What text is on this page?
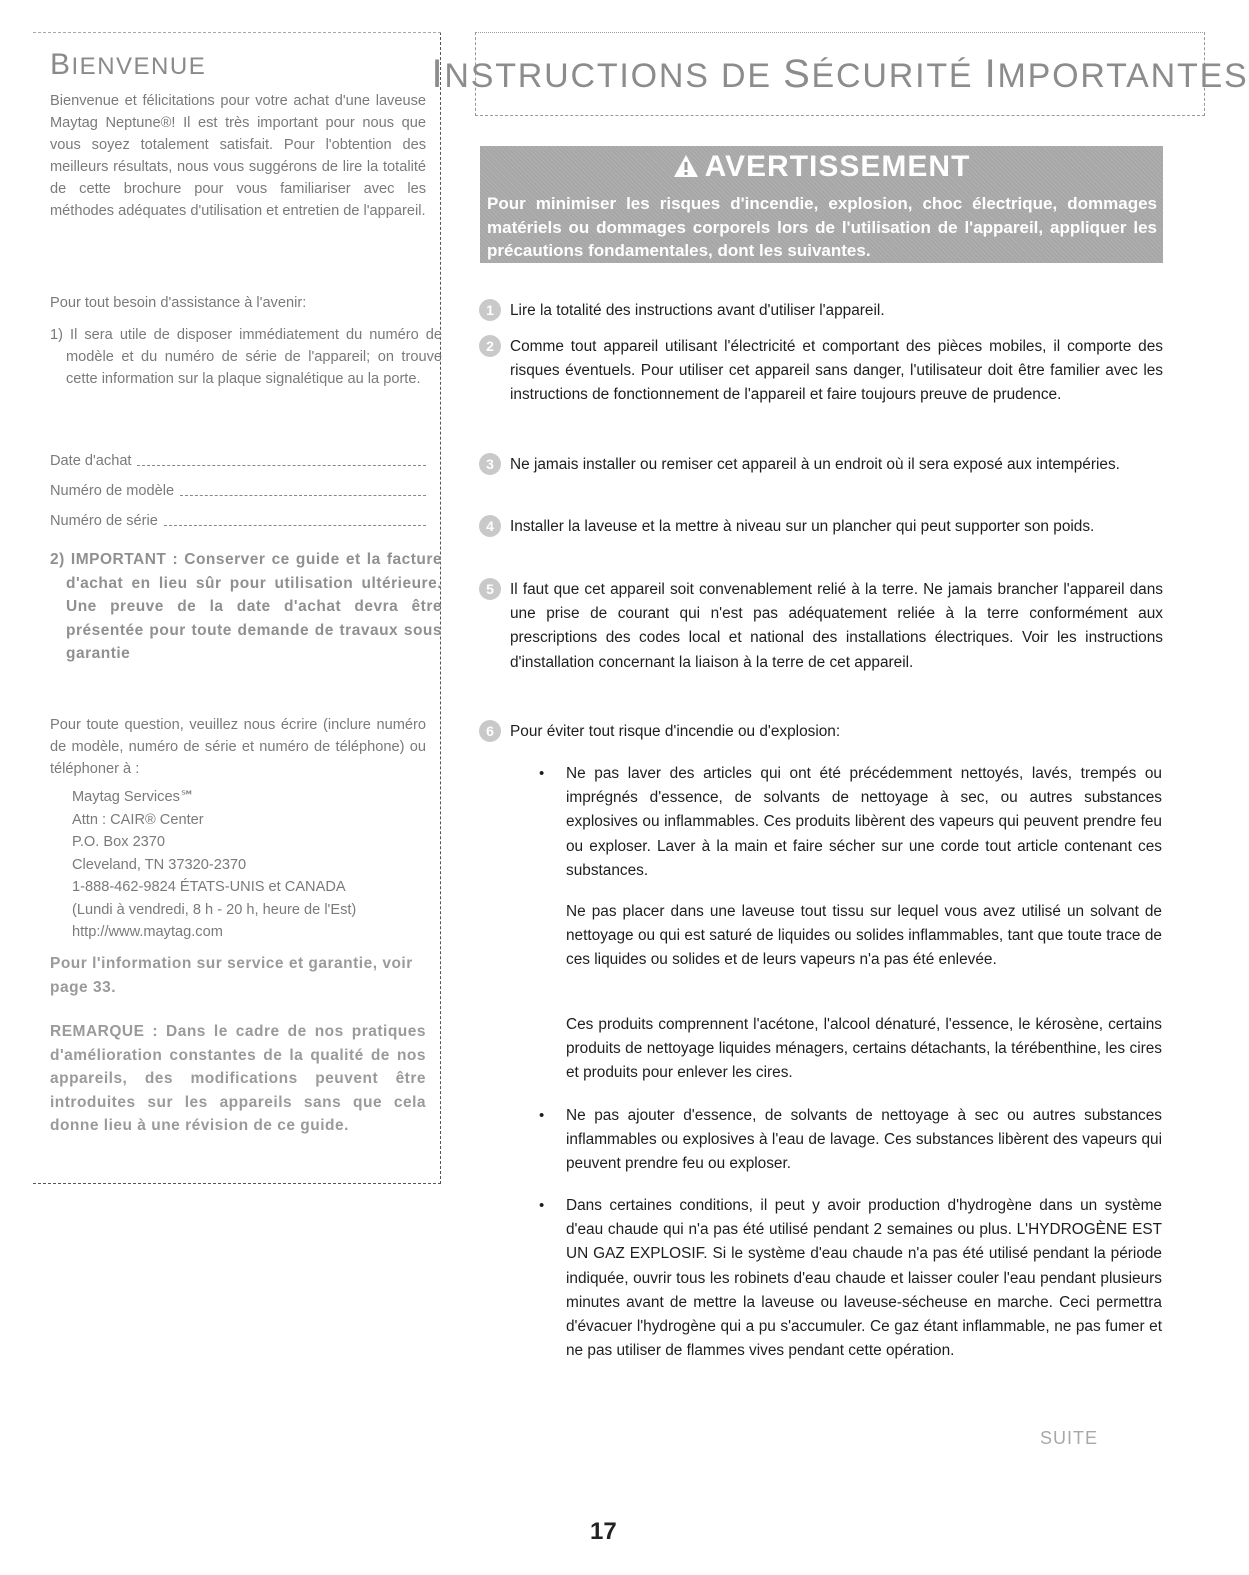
BIENVENUE
Bienvenue et félicitations pour votre achat d'une laveuse Maytag Neptune®! Il est très important pour nous que vous soyez totalement satisfait. Pour l'obtention des meilleurs résultats, nous vous suggérons de lire la totalité de cette brochure pour vous familiariser avec les méthodes adéquates d'utilisation et entretien de l'appareil.
Pour tout besoin d'assistance à l'avenir:
1) Il sera utile de disposer immédiatement du numéro de modèle et du numéro de série de l'appareil; on trouve cette information sur la plaque signalétique au la porte.
Date d'achat
Numéro de modèle
Numéro de série
2) IMPORTANT : Conserver ce guide et la facture d'achat en lieu sûr pour utilisation ultérieure. Une preuve de la date d'achat devra être présentée pour toute demande de travaux sous garantie
Pour toute question, veuillez nous écrire (inclure numéro de modèle, numéro de série et numéro de téléphone) ou téléphoner à :
Maytag Services℠
Attn : CAIR® Center
P.O. Box 2370
Cleveland, TN 37320-2370
1-888-462-9824 ÉTATS-UNIS et CANADA
(Lundi à vendredi, 8 h - 20 h, heure de l'Est)
http://www.maytag.com
Pour l'information sur service et garantie, voir page 33.
REMARQUE : Dans le cadre de nos pratiques d'amélioration constantes de la qualité de nos appareils, des modifications peuvent être introduites sur les appareils sans que cela donne lieu à une révision de ce guide.
INSTRUCTIONS DE SÉCURITÉ IMPORTANTES
AVERTISSEMENT
Pour minimiser les risques d'incendie, explosion, choc électrique, dommages matériels ou dommages corporels lors de l'utilisation de l'appareil, appliquer les précautions fondamentales, dont les suivantes.
1 Lire la totalité des instructions avant d'utiliser l'appareil.
2 Comme tout appareil utilisant l'électricité et comportant des pièces mobiles, il comporte des risques éventuels. Pour utiliser cet appareil sans danger, l'utilisateur doit être familier avec les instructions de fonctionnement de l'appareil et faire toujours preuve de prudence.
3 Ne jamais installer ou remiser cet appareil à un endroit où il sera exposé aux intempéries.
4 Installer la laveuse et la mettre à niveau sur un plancher qui peut supporter son poids.
5 Il faut que cet appareil soit convenablement relié à la terre. Ne jamais brancher l'appareil dans une prise de courant qui n'est pas adéquatement reliée à la terre conformément aux prescriptions des codes local et national des installations électriques. Voir les instructions d'installation concernant la liaison à la terre de cet appareil.
6 Pour éviter tout risque d'incendie ou d'explosion:
• Ne pas laver des articles qui ont été précédemment nettoyés, lavés, trempés ou imprégnés d'essence, de solvants de nettoyage à sec, ou autres substances explosives ou inflammables. Ces produits libèrent des vapeurs qui peuvent prendre feu ou exploser. Laver à la main et faire sécher sur une corde tout article contenant ces substances.
Ne pas placer dans une laveuse tout tissu sur lequel vous avez utilisé un solvant de nettoyage ou qui est saturé de liquides ou solides inflammables, tant que toute trace de ces liquides ou solides et de leurs vapeurs n'a pas été enlevée.
Ces produits comprennent l'acétone, l'alcool dénaturé, l'essence, le kérosène, certains produits de nettoyage liquides ménagers, certains détachants, la térébenthine, les cires et produits pour enlever les cires.
• Ne pas ajouter d'essence, de solvants de nettoyage à sec ou autres substances inflammables ou explosives à l'eau de lavage. Ces substances libèrent des vapeurs qui peuvent prendre feu ou exploser.
• Dans certaines conditions, il peut y avoir production d'hydrogène dans un système d'eau chaude qui n'a pas été utilisé pendant 2 semaines ou plus. L'HYDROGÈNE EST UN GAZ EXPLOSIF. Si le système d'eau chaude n'a pas été utilisé pendant la période indiquée, ouvrir tous les robinets d'eau chaude et laisser couler l'eau pendant plusieurs minutes avant de mettre la laveuse ou laveuse-sécheuse en marche. Ceci permettra d'évacuer l'hydrogène qui a pu s'accumuler. Ce gaz étant inflammable, ne pas fumer et ne pas utiliser de flammes vives pendant cette opération.
SUITE
17
